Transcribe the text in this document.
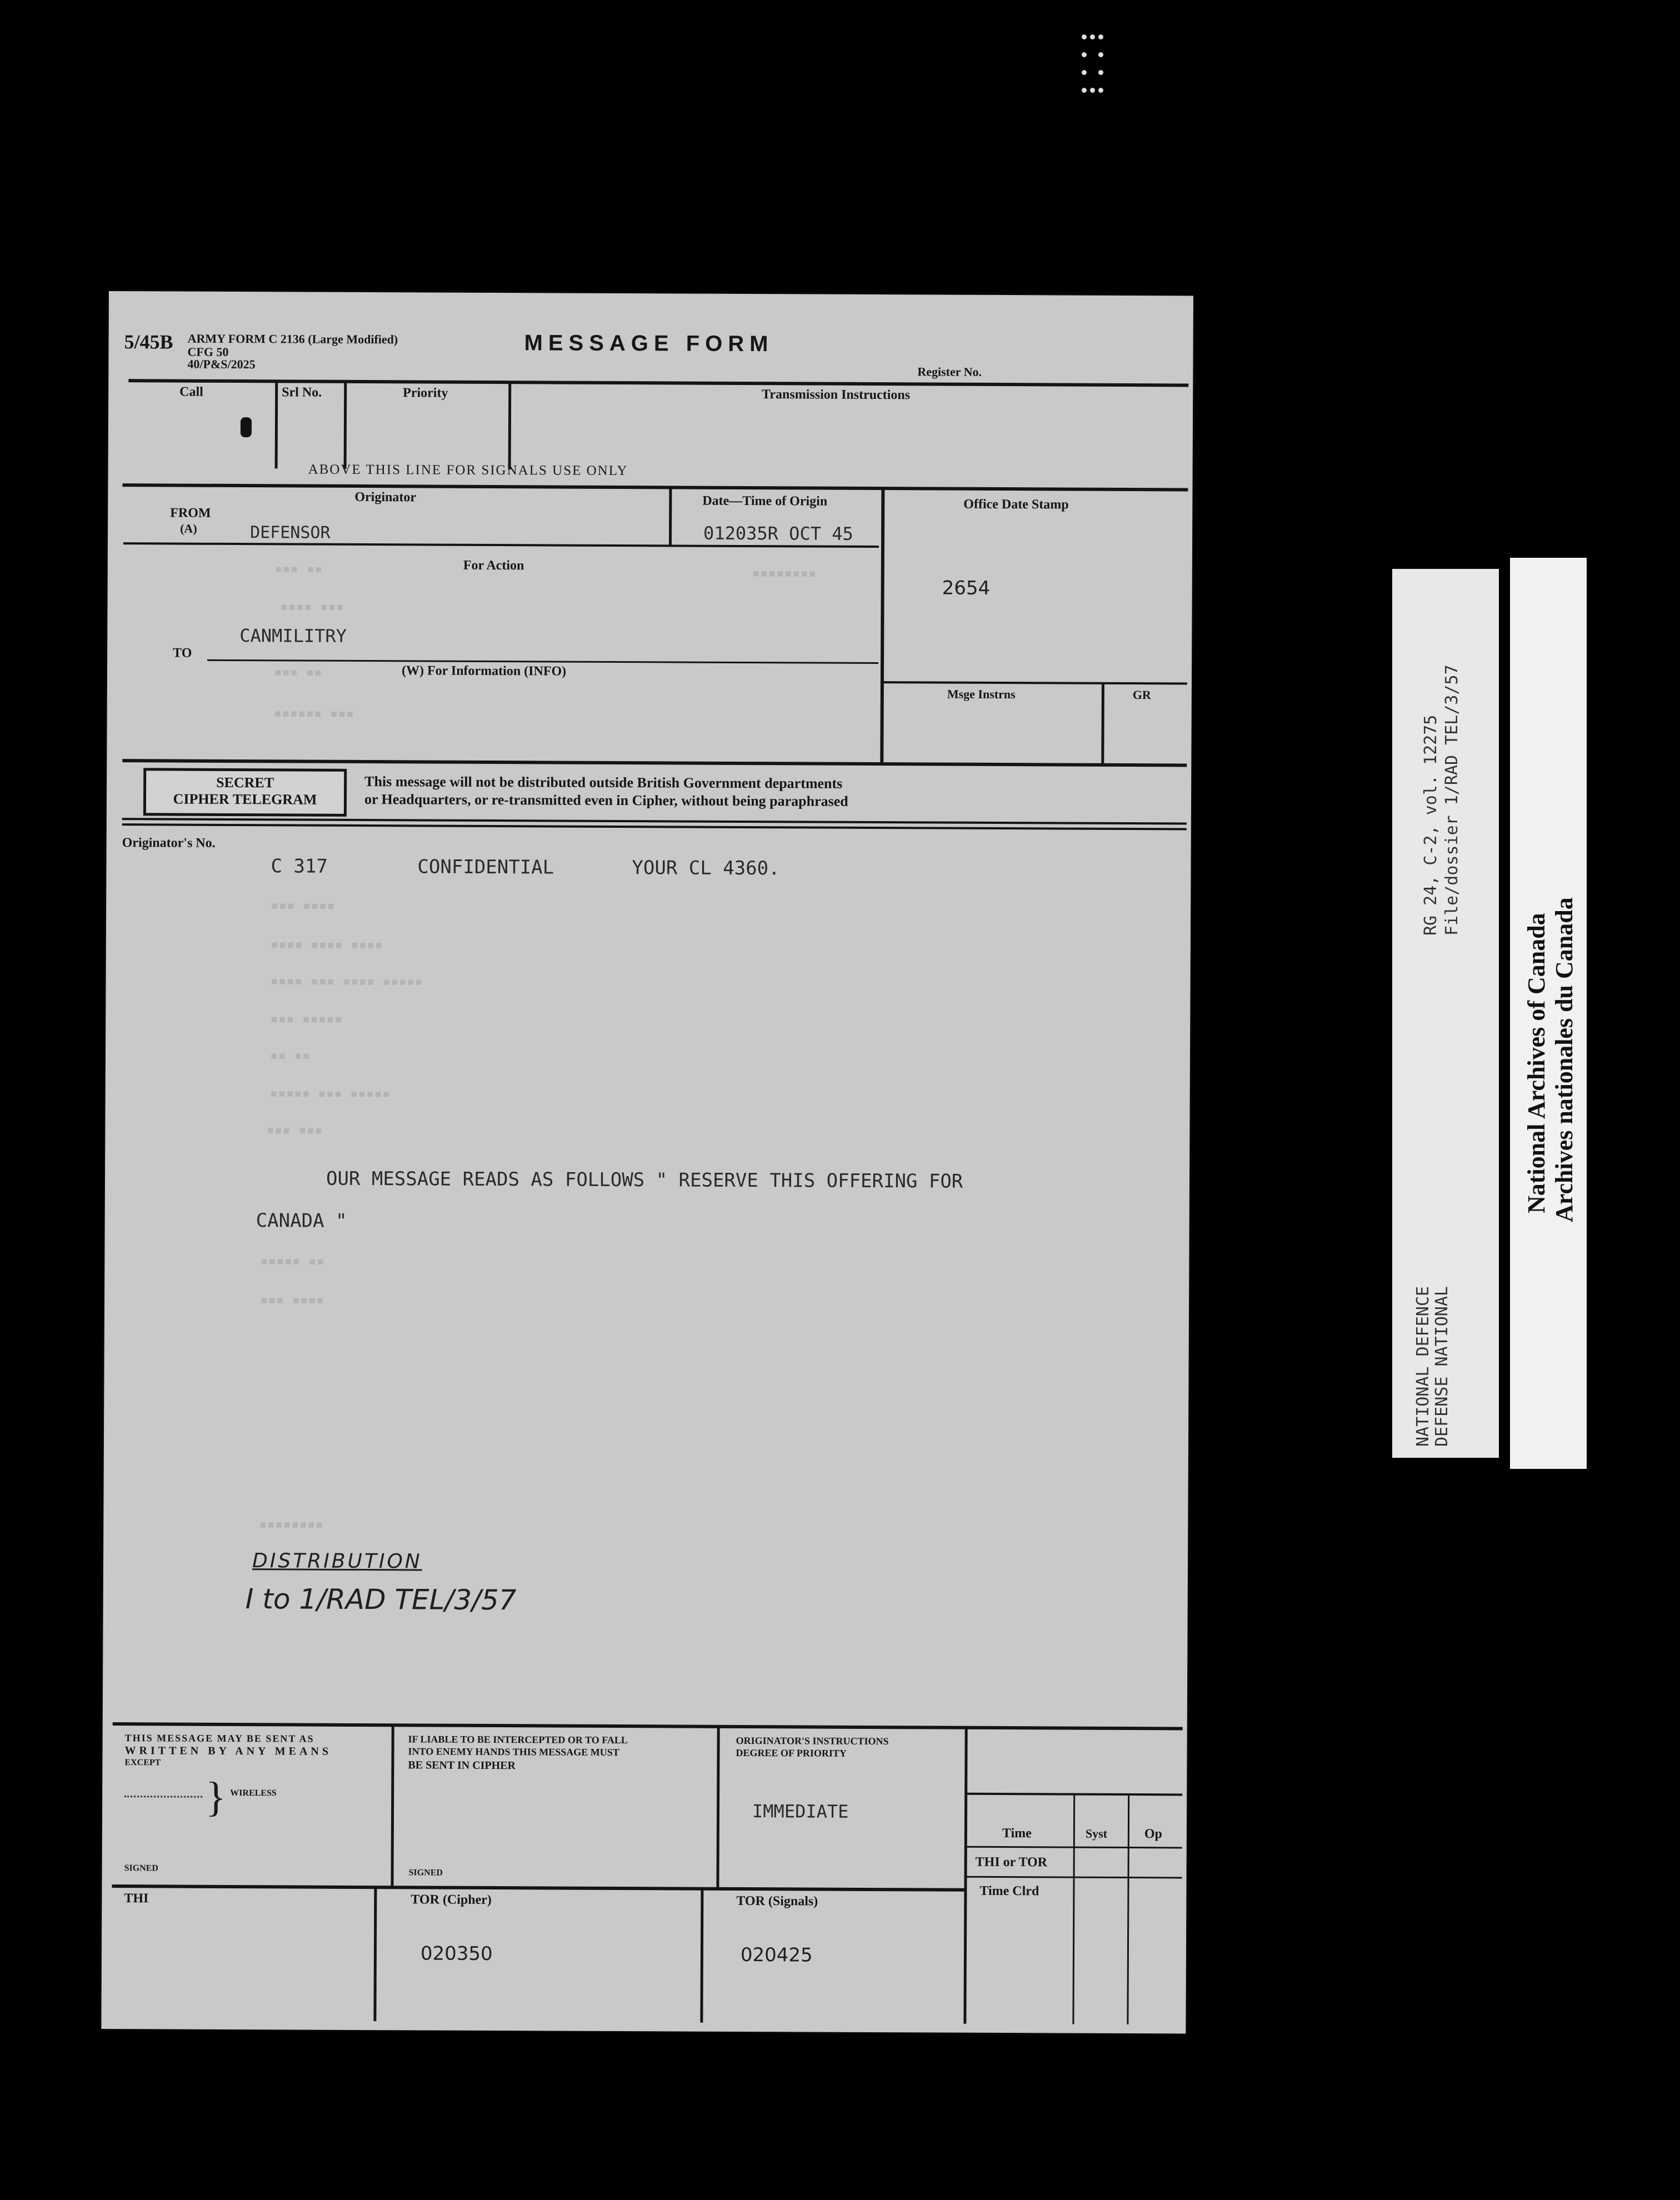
5/45B ARMY FORM C 2136 (Large Modified)
CFG 50
40/P&S/2025
MESSAGE FORM
Register No.
Call	Srl No.	Priority	Transmission Instructions
ABOVE THIS LINE FOR SIGNALS USE ONLY
Originator
FROM
(A)	DEFENSOR
Date—Time of Origin
012035R OCT 45
For Action
CANMILITRY
TO
(W) For Information (INFO)
▪▪▪ ▪▪	▪▪▪▪▪▪▪▪
▪▪▪▪ ▪▪▪
▪▪▪ ▪▪
▪▪▪▪▪▪ ▪▪▪
Office Date Stamp
2654
Msge Instrns	GR
SECRET
CIPHER TELEGRAM
This message will not be distributed outside British Government departments
or Headquarters, or re-transmitted even in Cipher, without being paraphrased
Originator's No.
C 317	CONFIDENTIAL	YOUR CL 4360.
▪▪▪ ▪▪▪▪
▪▪▪▪ ▪▪▪▪ ▪▪▪▪
▪▪▪▪ ▪▪▪ ▪▪▪▪ ▪▪▪▪▪
▪▪▪ ▪▪▪▪▪
▪▪ ▪▪
▪▪▪▪▪ ▪▪▪ ▪▪▪▪▪
▪▪▪ ▪▪▪
OUR MESSAGE READS AS FOLLOWS " RESERVE THIS OFFERING FOR
CANADA "
▪▪▪▪▪ ▪▪
▪▪▪ ▪▪▪▪
▪▪▪▪▪▪▪▪
DISTRIBUTION
I to 1/RAD TEL/3/57
THIS MESSAGE MAY BE SENT AS
WRITTEN BY ANY MEANS
EXCEPT
} WIRELESS
SIGNED
IF LIABLE TO BE INTERCEPTED OR TO FALL
INTO ENEMY HANDS THIS MESSAGE MUST
BE SENT IN CIPHER
SIGNED
ORIGINATOR'S INSTRUCTIONS
DEGREE OF PRIORITY
IMMEDIATE
Time	Syst	Op
THI or TOR
Time Clrd
THI	TOR (Cipher)
020350
TOR (Signals)
020425
RG 24, C-2, vol. 12275 File/dossier 1/RAD TEL/3/57
NATIONAL DEFENCE DEFENSE NATIONAL
National Archives of Canada Archives nationales du Canada
